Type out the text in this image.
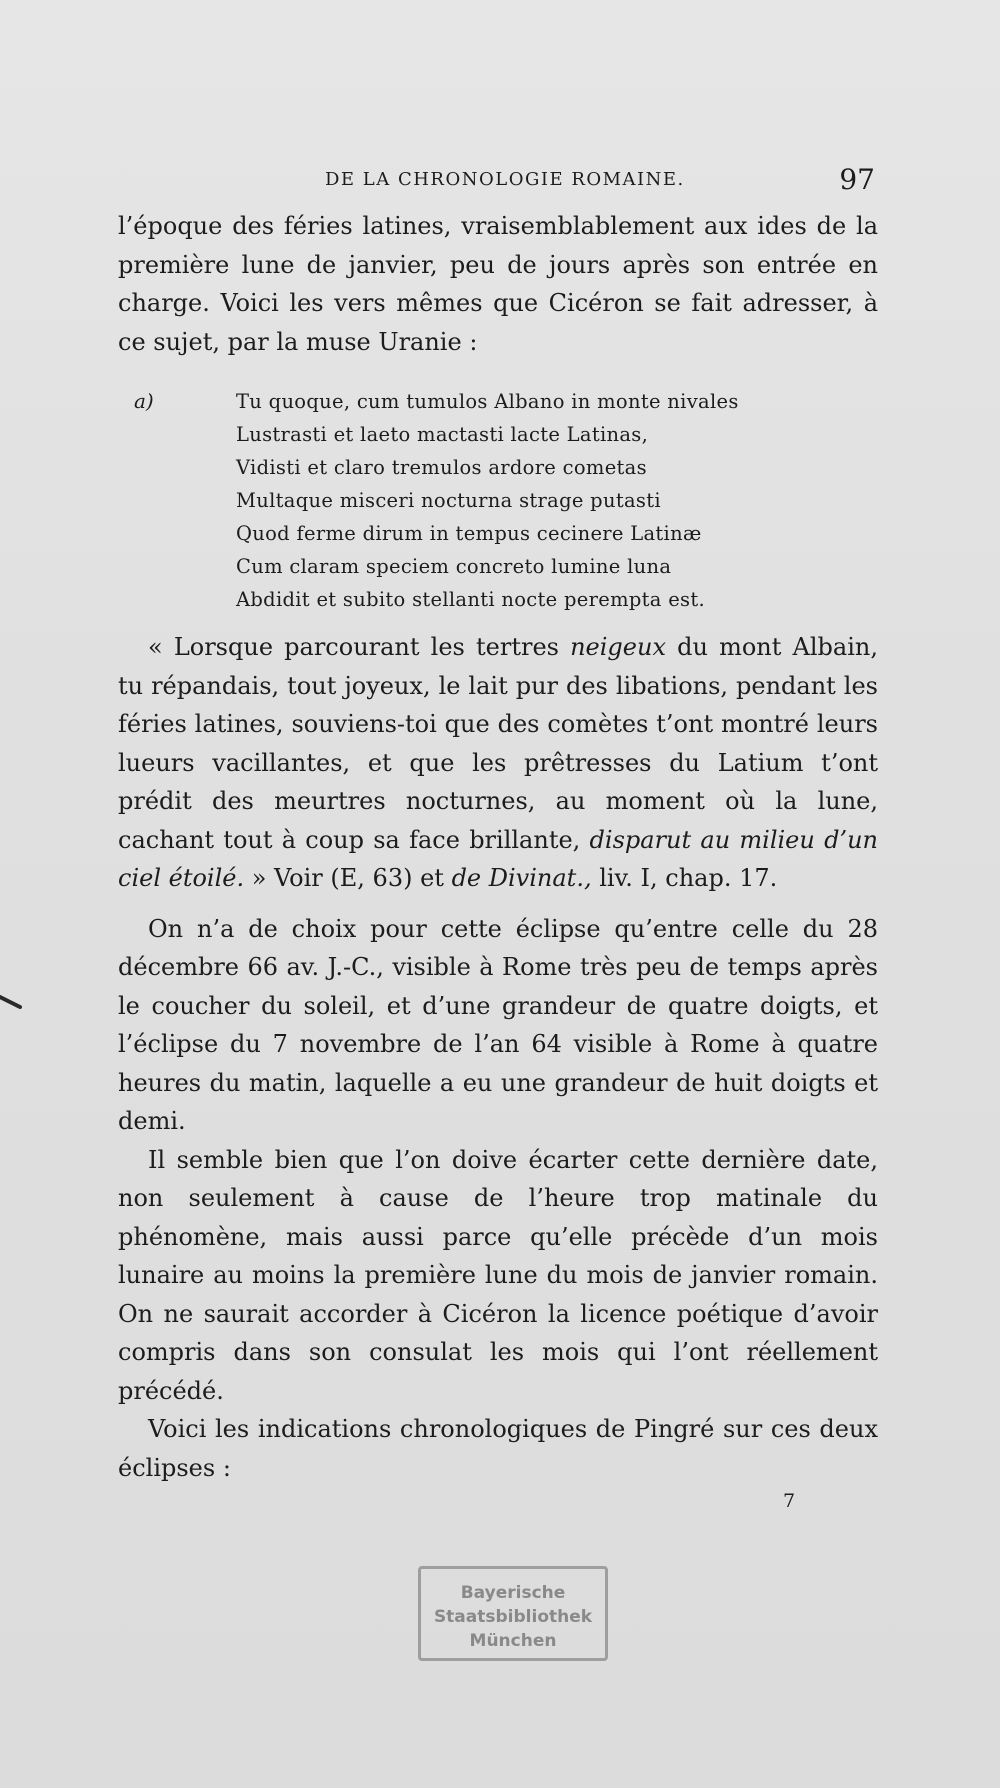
DE LA CHRONOLOGIE ROMAINE.	97

l’époque des féries latines, vraisemblablement aux ides de la première lune de janvier, peu de jours après son entrée en charge. Voici les vers mêmes que Cicéron se fait adresser, à ce sujet, par la muse Uranie :

a)	Tu quoque, cum tumulos Albano in monte nivales
Lustrasti et laeto mactasti lacte Latinas,
Vidisti et claro tremulos ardore cometas
Multaque misceri nocturna strage putasti
Quod ferme dirum in tempus cecinere Latinæ
Cum claram speciem concreto lumine luna
Abdidit et subito stellanti nocte perempta est.

« Lorsque parcourant les tertres neigeux du mont Albain, tu répandais, tout joyeux, le lait pur des libations, pendant les féries latines, souviens-toi que des comètes t’ont montré leurs lueurs vacillantes, et que les prêtresses du Latium t’ont prédit des meurtres nocturnes, au moment où la lune, cachant tout à coup sa face brillante, disparut au milieu d’un ciel étoilé. » Voir (E, 63) et de Divinat., liv. I, chap. 17.

On n’a de choix pour cette éclipse qu’entre celle du 28 décembre 66 av. J.-C., visible à Rome très peu de temps après le coucher du soleil, et d’une grandeur de quatre doigts, et l’éclipse du 7 novembre de l’an 64 visible à Rome à quatre heures du matin, laquelle a eu une grandeur de huit doigts et demi.

Il semble bien que l’on doive écarter cette dernière date, non seulement à cause de l’heure trop matinale du phénomène, mais aussi parce qu’elle précède d’un mois lunaire au moins la première lune du mois de janvier romain. On ne saurait accorder à Cicéron la licence poétique d’avoir compris dans son consulat les mois qui l’ont réellement précédé.

Voici les indications chronologiques de Pingré sur ces deux éclipses :

7
Bayerische
Staatsbibliothek
München
